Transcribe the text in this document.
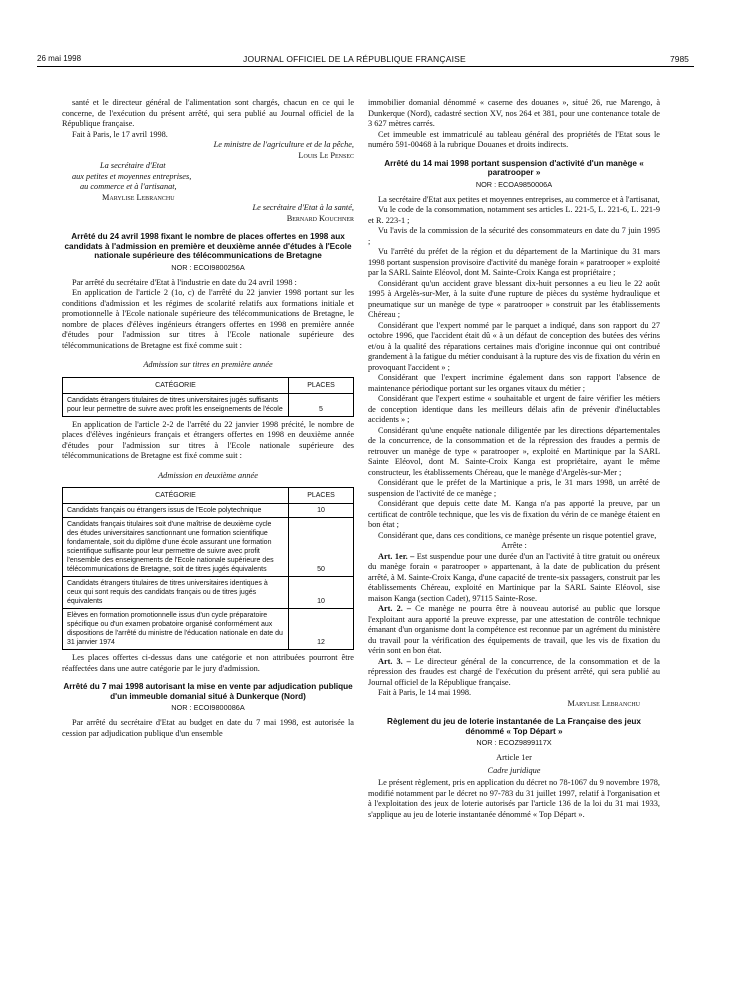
26 mai 1998	JOURNAL OFFICIEL DE LA RÉPUBLIQUE FRANÇAISE	7985

santé et le directeur général de l'alimentation sont chargés, chacun en ce qui le concerne, de l'exécution du présent arrêté, qui sera publié au Journal officiel de la République française.

Fait à Paris, le 17 avril 1998.

Le ministre de l'agriculture et de la pêche,

Louis Le Pensec

La secrétaire d'Etat

aux petites et moyennes entreprises,

au commerce et à l'artisanat,

Marylise Lebranchu

Le secrétaire d'Etat à la santé,

Bernard Kouchner

Arrêté du 24 avril 1998 fixant le nombre de places offertes en 1998 aux candidats à l'admission en première et deuxième année d'études à l'Ecole nationale supérieure des télécommunications de Bretagne

NOR : ECOI9800256A

Par arrêté du secrétaire d'Etat à l'industrie en date du 24 avril 1998 :

En application de l'article 2 (1o, c) de l'arrêté du 22 janvier 1998 portant sur les conditions d'admission et les régimes de scolarité relatifs aux formations initiale et promotionnelle à l'Ecole nationale supérieure des télécommunications de Bretagne, le nombre de places d'élèves ingénieurs étrangers offertes en 1998 en première année d'études pour l'admission sur titres à l'Ecole nationale supérieure des télécommunications de Bretagne est fixé comme suit :

Admission sur titres en première année

CATÉGORIE	PLACES
Candidats étrangers titulaires de titres universitaires jugés suffisants pour leur permettre de suivre avec profit les enseignements de l'école	5

En application de l'article 2-2 de l'arrêté du 22 janvier 1998 précité, le nombre de places d'élèves ingénieurs français et étrangers offertes en 1998 en deuxième année d'études pour l'admission sur titres à l'Ecole nationale supérieure des télécommunications de Bretagne est fixé comme suit :

Admission en deuxième année

CATÉGORIE	PLACES
Candidats français ou étrangers issus de l'Ecole polytechnique	10
Candidats français titulaires soit d'une maîtrise de deuxième cycle des études universitaires sanctionnant une formation scientifique fondamentale, soit du diplôme d'une école assurant une formation scientifique suffisante pour leur permettre de suivre avec profit l'ensemble des enseignements de l'Ecole nationale supérieure des télécommunications de Bretagne, soit de titres jugés équivalents	50
Candidats étrangers titulaires de titres universitaires identiques à ceux qui sont requis des candidats français ou de titres jugés équivalents	10
Elèves en formation promotionnelle issus d'un cycle préparatoire spécifique ou d'un examen probatoire organisé conformément aux dispositions de l'arrêté du ministre de l'éducation nationale en date du 31 janvier 1974	12

Les places offertes ci-dessus dans une catégorie et non attribuées pourront être réaffectées dans une autre catégorie par le jury d'admission.

Arrêté du 7 mai 1998 autorisant la mise en vente par adjudication publique d'un immeuble domanial situé à Dunkerque (Nord)

NOR : ECOI9800086A

Par arrêté du secrétaire d'Etat au budget en date du 7 mai 1998, est autorisée la cession par adjudication publique d'un ensemble

immobilier domanial dénommé « caserne des douanes », situé 26, rue Marengo, à Dunkerque (Nord), cadastré section XV, nos 264 et 381, pour une contenance totale de 3 627 mètres carrés.

Cet immeuble est immatriculé au tableau général des propriétés de l'Etat sous le numéro 591-00468 à la rubrique Douanes et droits indirects.

Arrêté du 14 mai 1998 portant suspension d'activité d'un manège « paratrooper »

NOR : ECOA9850006A

La secrétaire d'Etat aux petites et moyennes entreprises, au commerce et à l'artisanat,

Vu le code de la consommation, notamment ses articles L. 221-5, L. 221-6, L. 221-9 et R. 223-1 ;

Vu l'avis de la commission de la sécurité des consommateurs en date du 7 juin 1995 ;

Vu l'arrêté du préfet de la région et du département de la Martinique du 31 mars 1998 portant suspension provisoire d'activité du manège forain « paratrooper » exploité par la SARL Sainte Eléovol, dont M. Sainte-Croix Kanga est propriétaire ;

Considérant qu'un accident grave blessant dix-huit personnes a eu lieu le 22 août 1995 à Argelès-sur-Mer, à la suite d'une rupture de pièces du système hydraulique et pneumatique sur un manège de type « paratrooper » construit par les établissements Chéreau ;

Considérant que l'expert nommé par le parquet a indiqué, dans son rapport du 27 octobre 1996, que l'accident était dû « à un défaut de conception des butées des vérins et/ou à la qualité des réparations certaines mais d'origine inconnue qui ont contribué grandement à la fatigue du métier conduisant à la rupture des vis de fixation du vérin en provoquant l'accident » ;

Considérant que l'expert incrimine également dans son rapport l'absence de maintenance périodique portant sur les organes vitaux du métier ;

Considérant que l'expert estime « souhaitable et urgent de faire vérifier les métiers de conception identique dans les meilleurs délais afin de prévenir d'inéluctables accidents » ;

Considérant qu'une enquête nationale diligentée par les directions départementales de la concurrence, de la consommation et de la répression des fraudes a permis de retrouver un manège de type « paratrooper », exploité en Martinique par la SARL Sainte Eléovol, dont M. Sainte-Croix Kanga est propriétaire, ayant le même constructeur, les établissements Chéreau, que le manège d'Argelès-sur-Mer ;

Considérant que le préfet de la Martinique a pris, le 31 mars 1998, un arrêté de suspension de l'activité de ce manège ;

Considérant que depuis cette date M. Kanga n'a pas apporté la preuve, par un certificat de contrôle technique, que les vis de fixation du vérin de ce manège étaient en bon état ;

Considérant que, dans ces conditions, ce manège présente un risque potentiel grave,

Arrête :

Art. 1er. – Est suspendue pour une durée d'un an l'activité à titre gratuit ou onéreux du manège forain « paratrooper » appartenant, à la date de publication du présent arrêté, à M. Sainte-Croix Kanga, d'une capacité de trente-six passagers, construit par les établissements Chéreau, exploité en Martinique par la SARL Sainte Eléovol, sise maison Kanga (section Cadet), 97115 Sainte-Rose.

Art. 2. – Ce manège ne pourra être à nouveau autorisé au public que lorsque l'exploitant aura apporté la preuve expresse, par une attestation de contrôle technique émanant d'un organisme dont la compétence est reconnue par un agrément du ministère du travail pour la vérification des équipements de travail, que les vis de fixation du vérin sont en bon état.

Art. 3. – Le directeur général de la concurrence, de la consommation et de la répression des fraudes est chargé de l'exécution du présent arrêté, qui sera publié au Journal officiel de la République française.

Fait à Paris, le 14 mai 1998.

Marylise Lebranchu

Règlement du jeu de loterie instantanée de La Française des jeux dénommé « Top Départ »

NOR : ECOZ9899117X

Article 1er

Cadre juridique

Le présent règlement, pris en application du décret no 78-1067 du 9 novembre 1978, modifié notamment par le décret no 97-783 du 31 juillet 1997, relatif à l'organisation et à l'exploitation des jeux de loterie autorisés par l'article 136 de la loi du 31 mai 1933, s'applique au jeu de loterie instantanée dénommé « Top Départ ».
